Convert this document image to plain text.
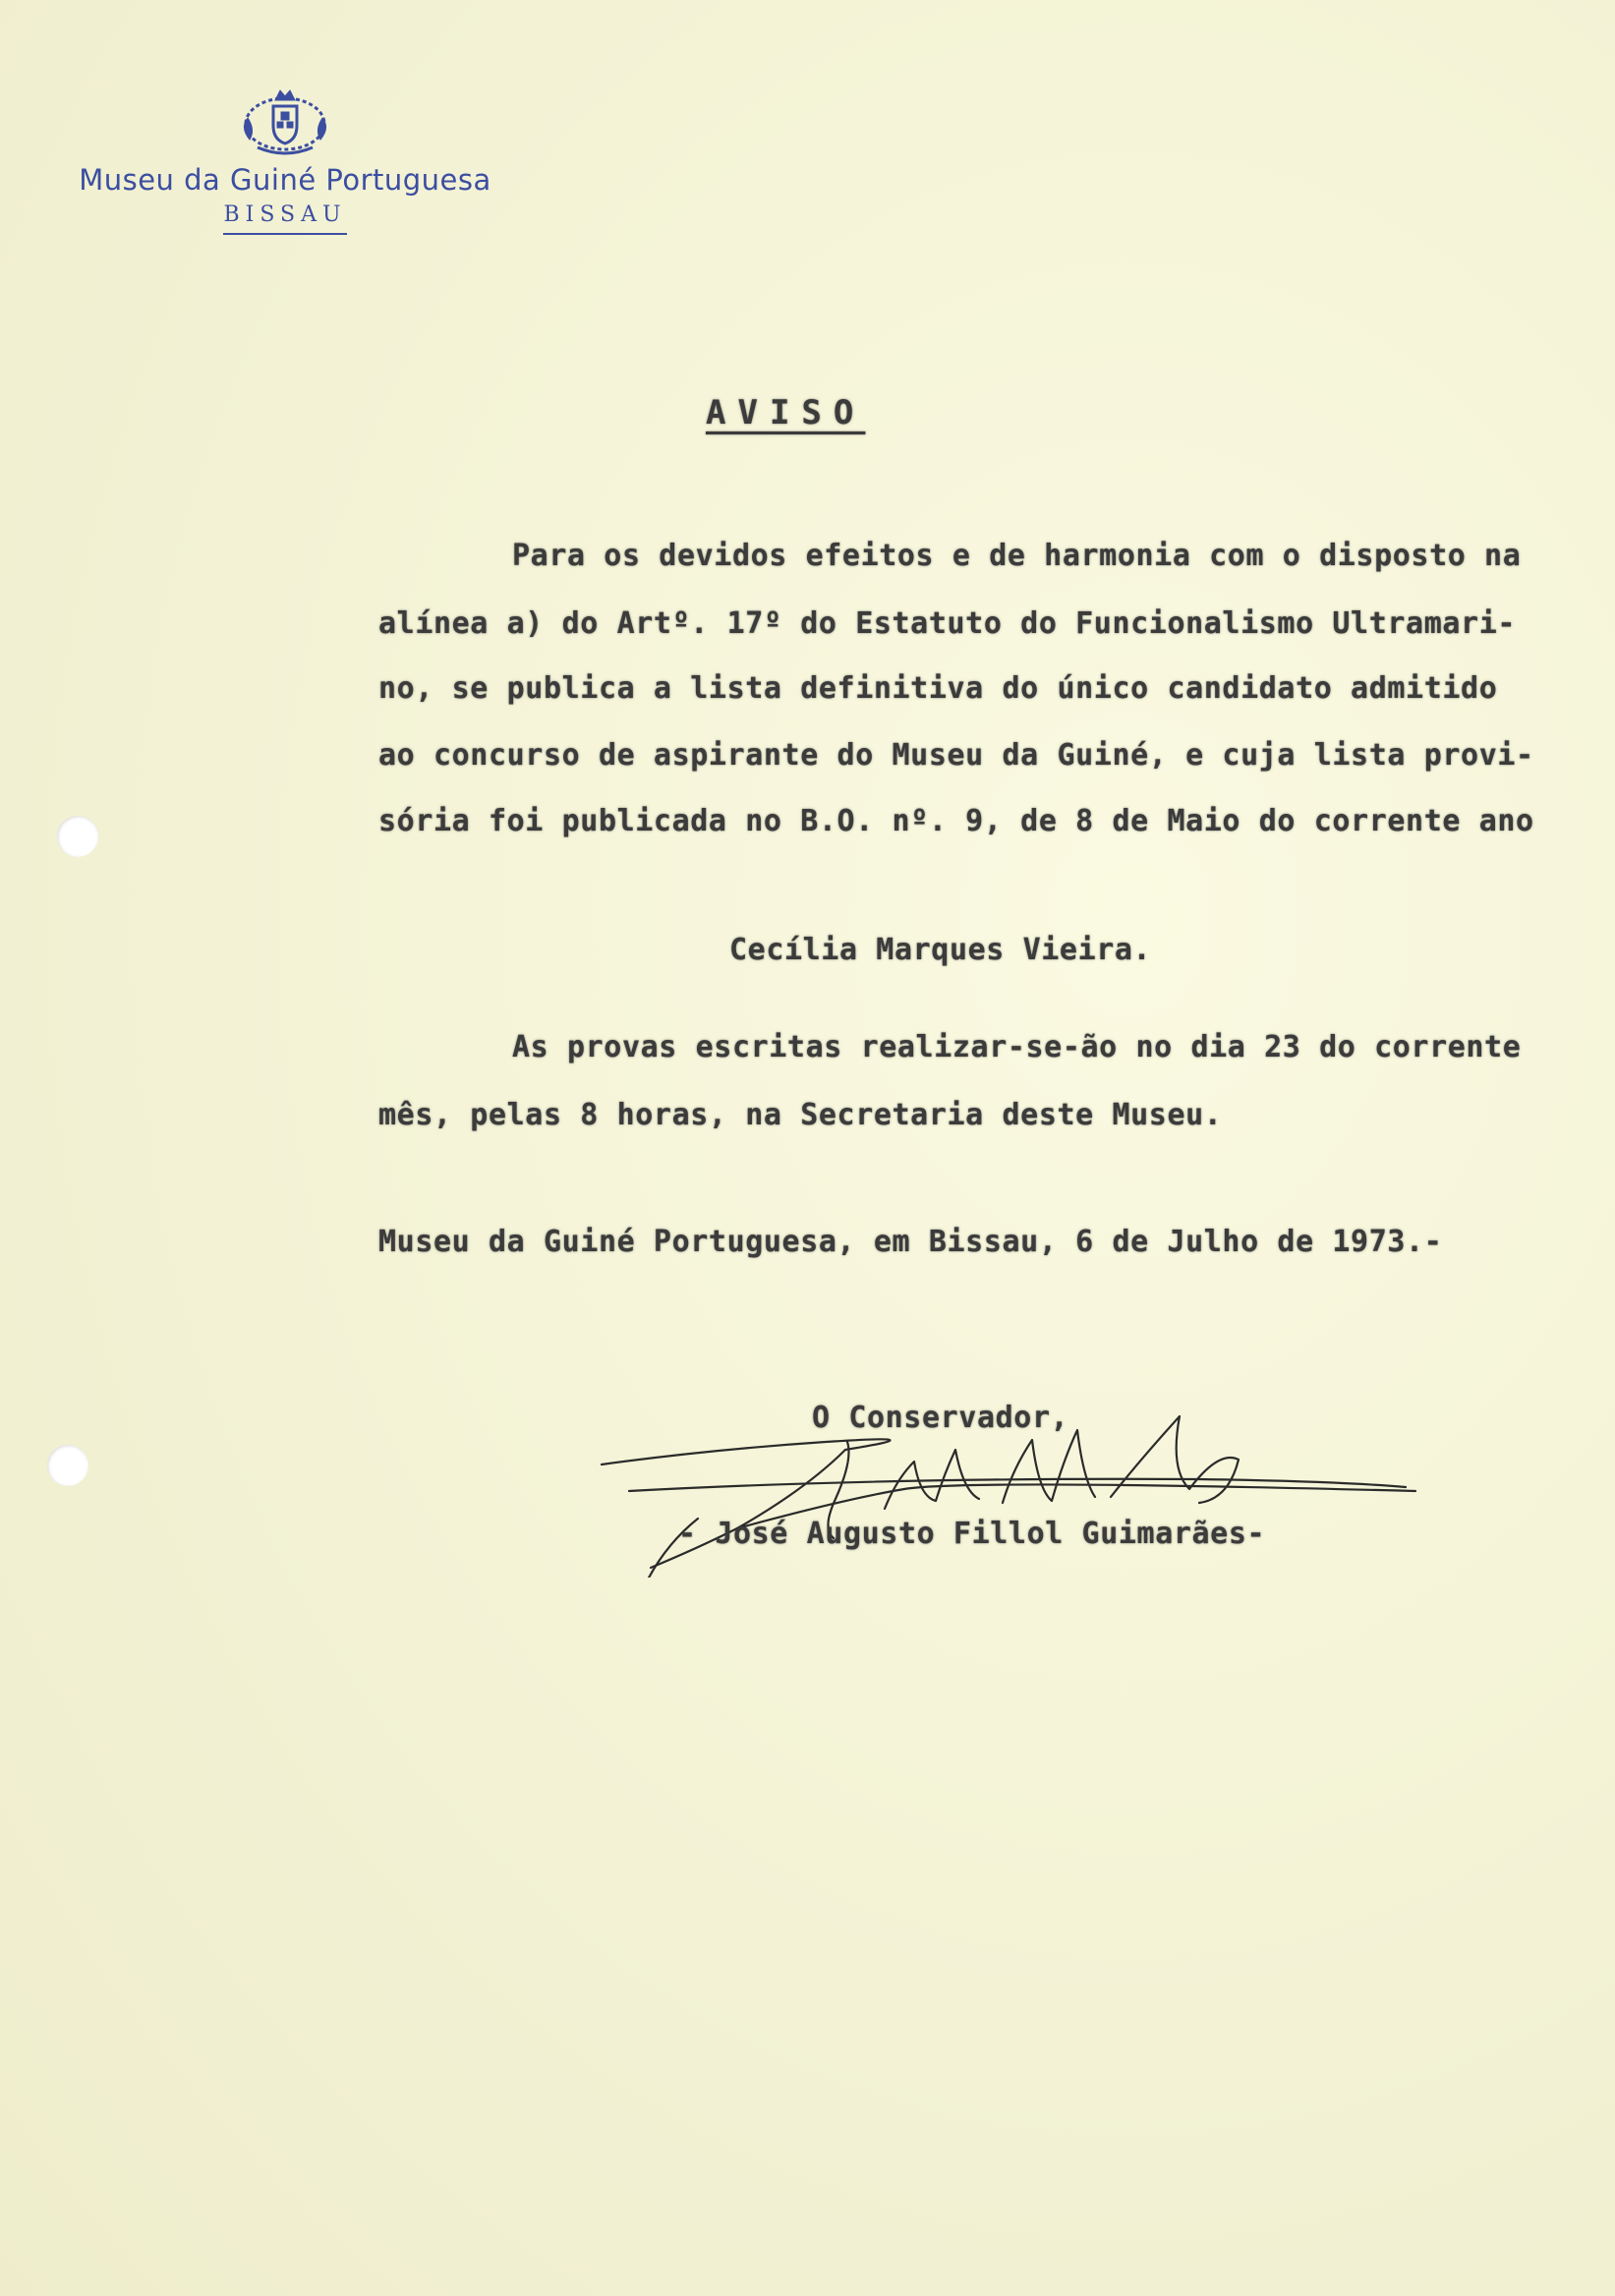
Museu da Guiné Portuguesa
BISSAU
AVISO
Para os devidos efeitos e de harmonia com o disposto na
alínea a) do Artº. 17º do Estatuto do Funcionalismo Ultramari-
no, se publica a lista definitiva do único candidato admitido
ao concurso de aspirante do Museu da Guiné, e cuja lista provi-
sória foi publicada no B.O. nº. 9, de 8 de Maio do corrente ano
Cecília Marques Vieira.
As provas escritas realizar-se-ão no dia 23 do corrente
mês, pelas 8 horas, na Secretaria deste Museu.
Museu da Guiné Portuguesa, em Bissau, 6 de Julho de 1973.-
O Conservador,
- José Augusto Fillol Guimarães-
